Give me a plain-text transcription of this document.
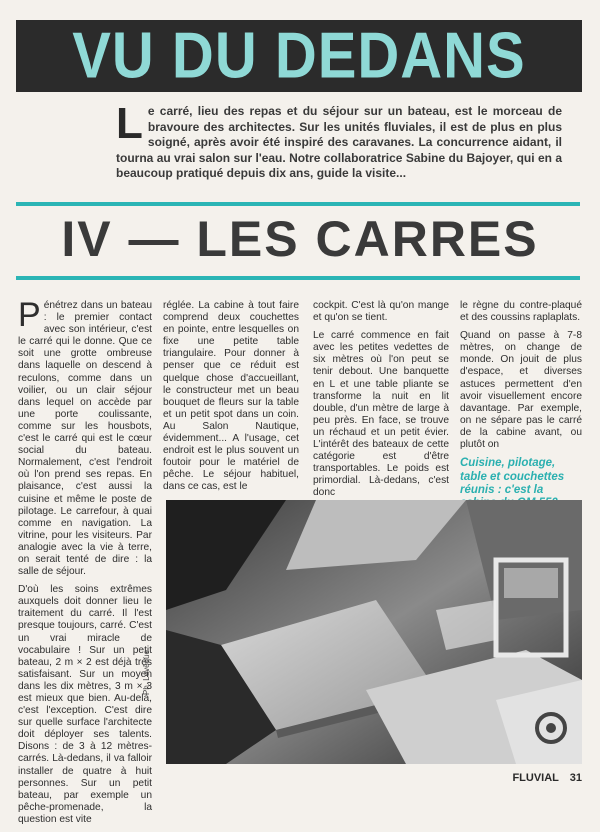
VU DU DEDANS
L e carré, lieu des repas et du séjour sur un bateau, est le morceau de bravoure des architectes. Sur les unités fluviales, il est de plus en plus soigné, après avoir été inspiré des caravanes. La concurrence aidant, il tourna au vrai salon sur l'eau. Notre collaboratrice Sabine du Bajoyer, qui en a beaucoup pratiqué depuis dix ans, guide la visite...
IV — LES CARRES

Pénétrez dans un bateau : le premier contact avec son intérieur, c'est le carré qui le donne. Que ce soit une grotte ombreuse dans laquelle on descend à reculons, comme dans un voilier, ou un clair séjour dans lequel on accède par une porte coulissante, comme sur les housbots, c'est le carré qui est le cœur social du bateau. Normalement, c'est l'endroit où l'on prend ses repas. En plaisance, c'est aussi la cuisine et même le poste de pilotage. Le carrefour, à quai comme en navigation. La vitrine, pour les visiteurs. Par analogie avec la vie à terre, on serait tenté de dire : la salle de séjour.

D'où les soins extrêmes auxquels doit donner lieu le traitement du carré. Il l'est presque toujours, carré. C'est un vrai miracle de vocabulaire ! Sur un petit bateau, 2 m × 2 est déjà très satisfaisant. Sur un moyen dans les dix mètres, 3 m × 3 est mieux que bien. Au-delà, c'est l'exception. C'est dire sur quelle surface l'architecte doit déployer ses talents. Disons : de 3 à 12 mètres-carrés. Là-dedans, il va falloir installer de quatre à huit personnes. Sur un petit bateau, par exemple un pêche-promenade, la question est vite

réglée. La cabine à tout faire comprend deux couchettes en pointe, entre lesquelles on fixe une petite table triangulaire. Pour donner à penser que ce réduit est quelque chose d'accueillant, le constructeur met un beau bouquet de fleurs sur la table et un petit spot dans un coin. Au Salon Nautique, évidemment... A l'usage, cet endroit est le plus souvent un foutoir pour le matériel de pêche. Le séjour habituel, dans ce cas, est le

cockpit. C'est là qu'on mange et qu'on se tient.

Le carré commence en fait avec les petites vedettes de six mètres où l'on peut se tenir debout. Une banquette en L et une table pliante se transforme la nuit en lit double, d'un mètre de large à peu près. En face, se trouve un réchaud et un petit évier. L'intérêt des bateaux de cette catégorie est d'être transportables. Le poids est primordial. Là-dedans, c'est donc

le règne du contre-plaqué et des coussins raplaplats.

Quand on passe à 7-8 mètres, on change de monde. On jouit de plus d'espace, et diverses astuces permettent d'en avoir visuellement encore davantage. Par exemple, on ne sépare pas le carré de la cabine avant, ou plutôt on

Cuisine, pilotage, table et couchettes réunis : c'est la
Ph. Levêque
FLUVIAL 31
